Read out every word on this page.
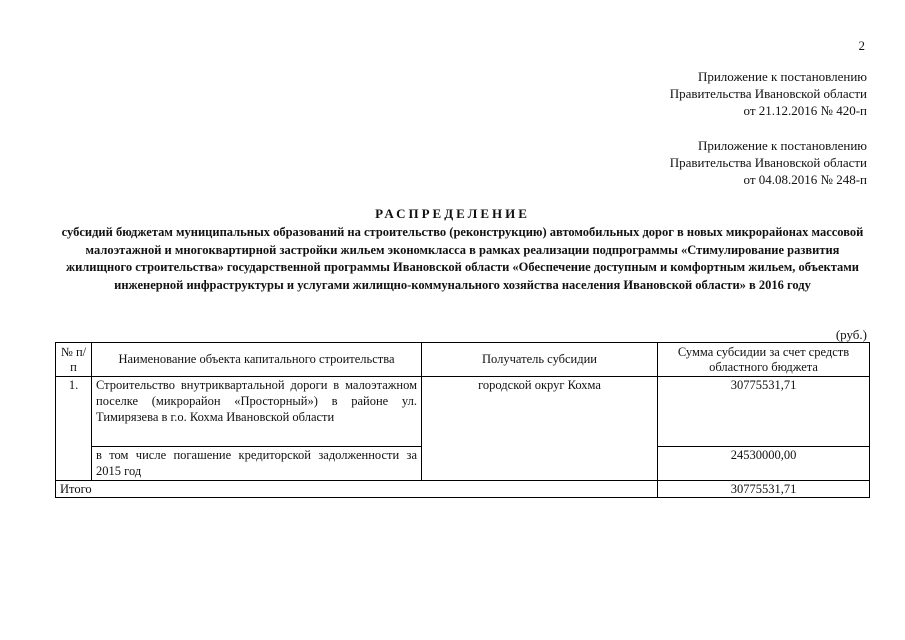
2
Приложение к постановлению
Правительства Ивановской области
от 21.12.2016 № 420-п
Приложение к постановлению
Правительства Ивановской области
от 04.08.2016 № 248-п
РАСПРЕДЕЛЕНИЕ
субсидий бюджетам муниципальных образований на строительство (реконструкцию) автомобильных дорог в новых микрорайонах массовой малоэтажной и многоквартирной застройки жильем экономкласса в рамках реализации подпрограммы «Стимулирование развития жилищного строительства» государственной программы Ивановской области «Обеспечение доступным и комфортным жильем, объектами инженерной инфраструктуры и услугами жилищно-коммунального хозяйства населения Ивановской области» в 2016 году
(руб.)
№ п/п	Наименование объекта капитального строительства	Получатель субсидии	Сумма субсидии за счет средств областного бюджета
1.	Строительство внутриквартальной дороги в малоэтажном поселке (микрорайон «Просторный») в районе ул. Тимирязева в г.о. Кохма Ивановской области	городской округ Кохма	30775531,71
	в том числе погашение кредиторской задолженности за 2015 год		24530000,00
Итого			30775531,71
